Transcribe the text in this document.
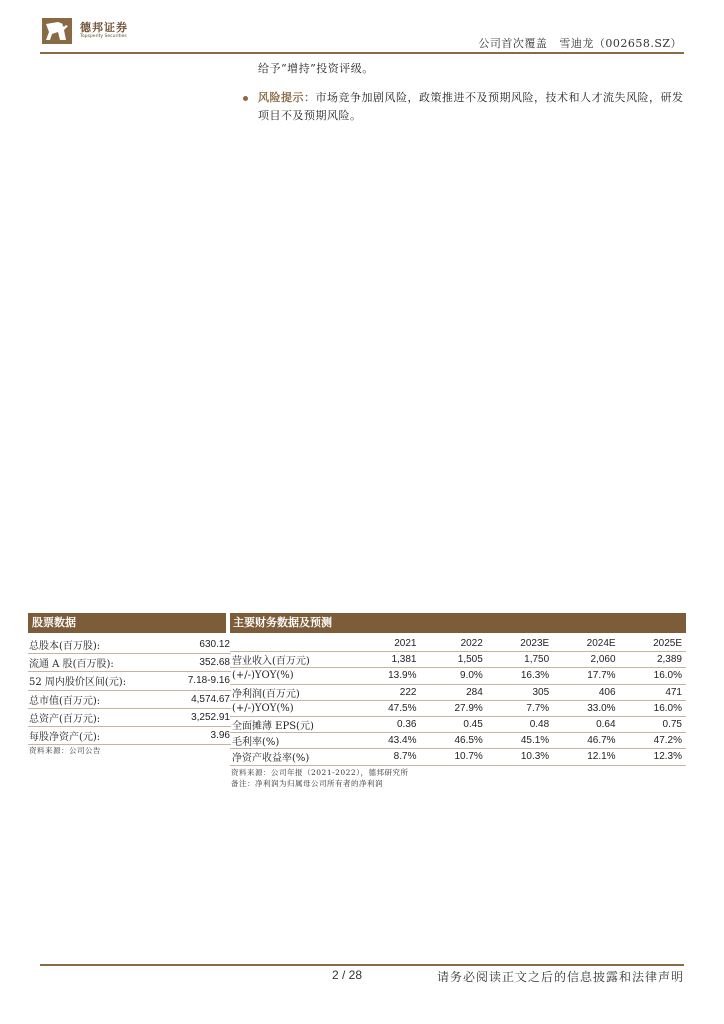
德邦证券
Topsperity Securities
公司首次覆盖 雪迪龙（002658.SZ）
给予“增持”投资评级。
风险提示：市场竞争加剧风险，政策推进不及预期风险，技术和人才流失风险，研发项目不及预期风险。
股票数据
总股本(百万股):	630.12
流通 A 股(百万股):	352.68
52 周内股价区间(元):	7.18-9.16
总市值(百万元):	4,574.67
总资产(百万元):	3,252.91
每股净资产(元):	3.96
资料来源：公司公告
主要财务数据及预测
	2021	2022	2023E	2024E	2025E
营业收入(百万元)	1,381	1,505	1,750	2,060	2,389
(+/-)YOY(%)	13.9%	9.0%	16.3%	17.7%	16.0%
净利润(百万元)	222	284	305	406	471
(+/-)YOY(%)	47.5%	27.9%	7.7%	33.0%	16.0%
全面摊薄 EPS(元)	0.36	0.45	0.48	0.64	0.75
毛利率(%)	43.4%	46.5%	45.1%	46.7%	47.2%
净资产收益率(%)	8.7%	10.7%	10.3%	12.1%	12.3%
资料来源：公司年报（2021-2022），德邦研究所
备注：净利润为归属母公司所有者的净利润
2 / 28	请务必阅读正文之后的信息披露和法律声明
